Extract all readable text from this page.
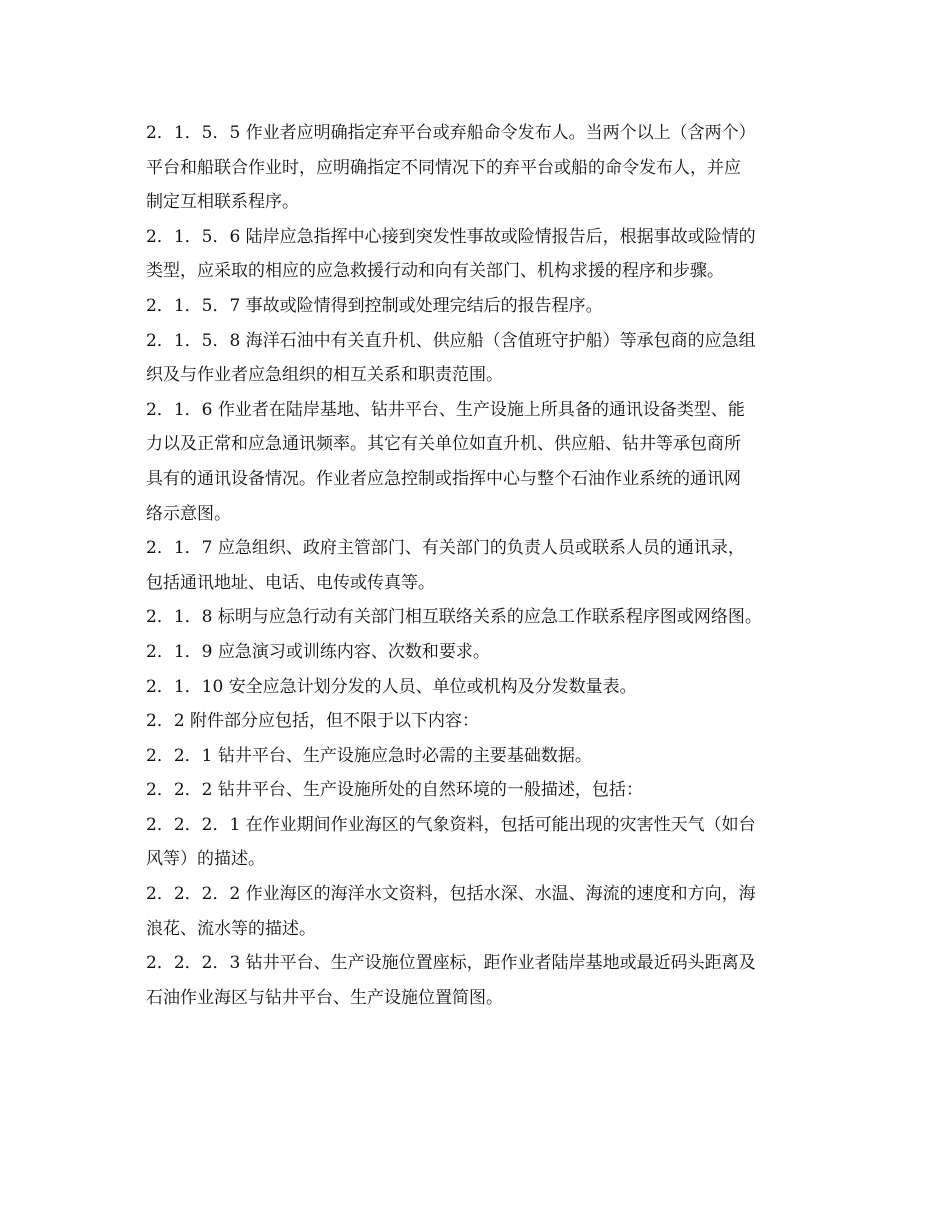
2．1．5．5 作业者应明确指定弃平台或弃船命令发布人。当两个以上（含两个）
平台和船联合作业时，应明确指定不同情况下的弃平台或船的命令发布人，并应
制定互相联系程序。
2．1．5．6 陆岸应急指挥中心接到突发性事故或险情报告后，根据事故或险情的
类型，应采取的相应的应急救援行动和向有关部门、机构求援的程序和步骤。
2．1．5．7 事故或险情得到控制或处理完结后的报告程序。
2．1．5．8 海洋石油中有关直升机、供应船（含值班守护船）等承包商的应急组
织及与作业者应急组织的相互关系和职责范围。
2．1．6 作业者在陆岸基地、钻井平台、生产设施上所具备的通讯设备类型、能
力以及正常和应急通讯频率。其它有关单位如直升机、供应船、钻井等承包商所
具有的通讯设备情况。作业者应急控制或指挥中心与整个石油作业系统的通讯网
络示意图。
2．1．7 应急组织、政府主管部门、有关部门的负责人员或联系人员的通讯录，
包括通讯地址、电话、电传或传真等。
2．1．8 标明与应急行动有关部门相互联络关系的应急工作联系程序图或网络图。
2．1．9 应急演习或训练内容、次数和要求。
2．1．10 安全应急计划分发的人员、单位或机构及分发数量表。
2．2 附件部分应包括，但不限于以下内容：
2．2．1 钻井平台、生产设施应急时必需的主要基础数据。
2．2．2 钻井平台、生产设施所处的自然环境的一般描述，包括：
2．2．2．1 在作业期间作业海区的气象资料，包括可能出现的灾害性天气（如台
风等）的描述。
2．2．2．2 作业海区的海洋水文资料，包括水深、水温、海流的速度和方向，海
浪花、流水等的描述。
2．2．2．3 钻井平台、生产设施位置座标，距作业者陆岸基地或最近码头距离及
石油作业海区与钻井平台、生产设施位置简图。
